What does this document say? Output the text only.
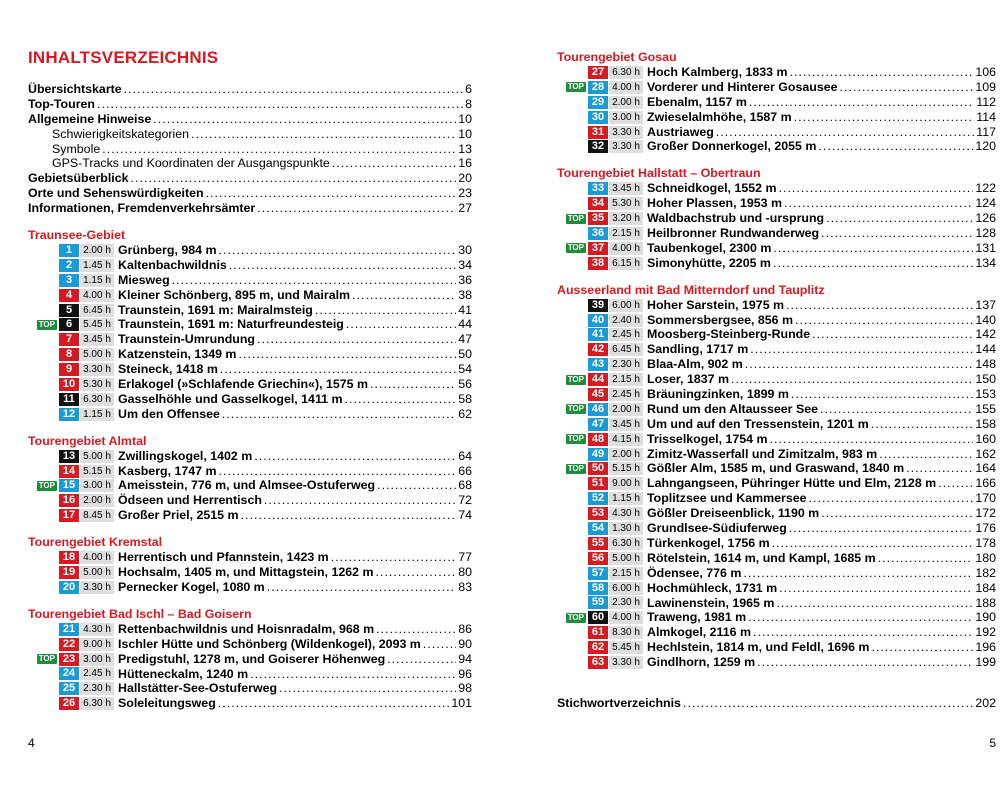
INHALTSVERZEICHNIS
Übersichtskarte . . .	6
Top-Touren . . .	8
Allgemeine Hinweise . . .	10
Schwierigkeitskategorien . . .	10
Symbole . . .	13
GPS-Tracks und Koordinaten der Ausgangspunkte . . .	16
Gebietsüberblick . . .	20
Orte und Sehenswürdigkeiten . . .	23
Informationen, Fremdenverkehrsämter . . .	27
Traunsee-Gebiet
1	2.00 h Grünberg, 984 m . . .	30
2	1.45 h Kaltenbachwildnis . . .	34
3	1.15 h Miesweg . . .	36
4	4.00 h Kleiner Schönberg, 895 m, und Mairalm . . .	38
5	6.45 h Traunstein, 1691 m: Mairalmsteig . . .	41
TOP 6	5.45 h Traunstein, 1691 m: Naturfreundesteig . . .	44
7	3.45 h Traunstein-Umrundung . . .	47
8	5.00 h Katzenstein, 1349 m . . .	50
9	3.30 h Steineck, 1418 m . . .	54
10 5.30 h Erlakogel (»Schlafende Griechin«), 1575 m . . .	56
11 6.30 h Gasselhöhle und Gasselkogel, 1411 m . . .	58
12 1.15 h Um den Offensee . . .	62
Tourengebiet Almtal
13 5.00 h Zwillingskogel, 1402 m . . .	64
14 5.15 h Kasberg, 1747 m . . .	66
TOP 15 3.00 h Ameisstein, 776 m, und Almsee-Ostuferweg . . .	68
16 2.00 h Ödseen und Herrentisch . . .	72
17 8.45 h Großer Priel, 2515 m . . .	74
Tourengebiet Kremstal
18 4.00 h Herrentisch und Pfannstein, 1423 m . . .	77
19 5.00 h Hochsalm, 1405 m, und Mittagstein, 1262 m . . .	80
20 3.30 h Pernecker Kogel, 1080 m . . .	83
Tourengebiet Bad Ischl – Bad Goisern
21 4.30 h Rettenbachwildnis und Hoisnradalm, 968 m . . .	86
22 9.00 h Ischler Hütte und Schönberg (Wildenkogel), 2093 m . . .	90
TOP 23 3.00 h Predigstuhl, 1278 m, und Goiserer Höhenweg . . .	94
24 2.45 h Hütteneckalm, 1240 m . . .	96
25 2.30 h Hallstätter-See-Ostuferweg . . .	98
26 6.30 h Soleleitungsweg . . .	101
4
Tourengebiet Gosau
27 6.30 h Hoch Kalmberg, 1833 m . . .	106
TOP 28 4.00 h Vorderer und Hinterer Gosausee . . .	109
29 2.00 h Ebenalm, 1157 m . . .	112
30 3.00 h Zwieselalmhöhe, 1587 m . . .	114
31 3.30 h Austriaweg . . .	117
32 3.30 h Großer Donnerkogel, 2055 m . . .	120
Tourengebiet Hallstatt – Obertraun
33 3.45 h Schneidkogel, 1552 m . . .	122
34 5.30 h Hoher Plassen, 1953 m . . .	124
TOP 35 3.20 h Waldbachstrub und -ursprung . . .	126
36 2.15 h Heilbronner Rundwanderweg . . .	128
TOP 37 4.00 h Taubenkogel, 2300 m . . .	131
38 6.15 h Simonyhütte, 2205 m . . .	134
Ausseerland mit Bad Mitterndorf und Tauplitz
39 6.00 h Hoher Sarstein, 1975 m . . .	137
40 2.40 h Sommersbergsee, 856 m . . .	140
41 2.45 h Moosberg-Steinberg-Runde . . .	142
42 6.45 h Sandling, 1717 m . . .	144
43 2.30 h Blaa-Alm, 902 m . . .	148
TOP 44 2.15 h Loser, 1837 m . . .	150
45 2.45 h Bräuningzinken, 1899 m . . .	153
TOP 46 2.00 h Rund um den Altausseer See . . .	155
47 3.45 h Um und auf den Tressenstein, 1201 m . . .	158
TOP 48 4.15 h Trisselkogel, 1754 m . . .	160
49 2.00 h Zimitz-Wasserfall und Zimitzalm, 983 m . . .	162
TOP 50 5.15 h Gößler Alm, 1585 m, und Graswand, 1840 m . . .	164
51 9.00 h Lahngangseen, Pühringer Hütte und Elm, 2128 m . . .	166
52 1.15 h Toplitzsee und Kammersee . . .	170
53 4.30 h Gößler Dreiseenblick, 1190 m . . .	172
54 1.30 h Grundlsee-Südiuferweg . . .	176
55 6.30 h Türkenkogel, 1756 m . . .	178
56 5.00 h Rötelstein, 1614 m, und Kampl, 1685 m . . .	180
57 2.15 h Ödensee, 776 m . . .	182
58 6.00 h Hochmühleck, 1731 m . . .	184
59 2.30 h Lawinenstein, 1965 m . . .	188
TOP 60 4.00 h Traweng, 1981 m . . .	190
61 8.30 h Almkogel, 2116 m . . .	192
62 5.45 h Hechlstein, 1814 m, und Feldl, 1696 m . . .	196
63 3.30 h Gindlhorn, 1259 m . . .	199
Stichwortverzeichnis . . .	202
5
